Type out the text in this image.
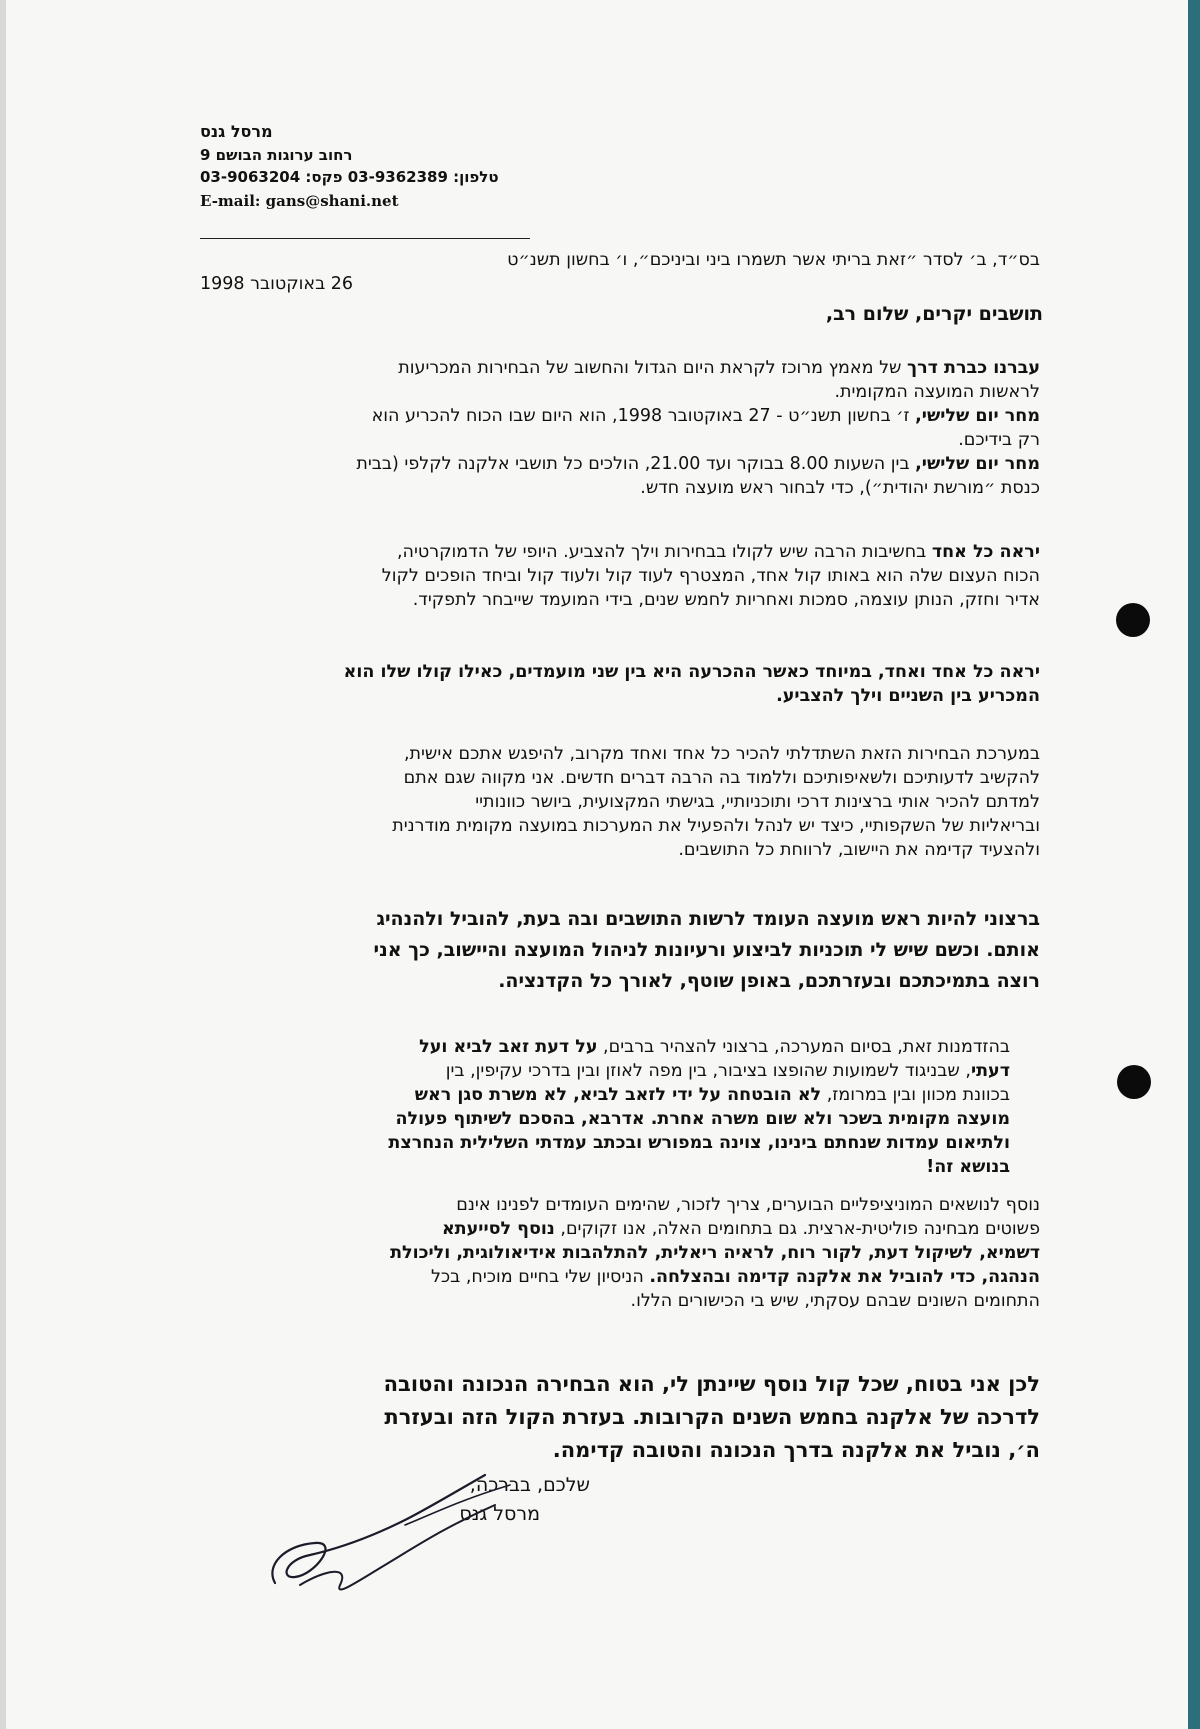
מרסל גנס
רחוב ערוגות הבושם 9
טלפון: 03-9362389 פקס: 03-9063204
E-mail: gans@shani.net
בס״ד, ב׳ לסדר ״זאת בריתי אשר תשמרו ביני וביניכם״, ו׳ בחשון תשנ״ט
26 באוקטובר 1998
תושבים יקרים, שלום רב,
עברנו כברת דרך של מאמץ מרוכז לקראת היום הגדול והחשוב של הבחירות המכריעות
לראשות המועצה המקומית.
מחר יום שלישי, ז׳ בחשון תשנ״ט - 27 באוקטובר 1998, הוא היום שבו הכוח להכריע הוא
רק בידיכם.
מחר יום שלישי, בין השעות 8.00 בבוקר ועד 21.00, הולכים כל תושבי אלקנה לקלפי (בבית
כנסת ״מורשת יהודית״), כדי לבחור ראש מועצה חדש.
יראה כל אחד בחשיבות הרבה שיש לקולו בבחירות וילך להצביע. היופי של הדמוקרטיה,
הכוח העצום שלה הוא באותו קול אחד, המצטרף לעוד קול ולעוד קול וביחד הופכים לקול
אדיר וחזק, הנותן עוצמה, סמכות ואחריות לחמש שנים, בידי המועמד שייבחר לתפקיד.
יראה כל אחד ואחד, במיוחד כאשר ההכרעה היא בין שני מועמדים, כאילו קולו שלו הוא
המכריע בין השניים וילך להצביע.
במערכת הבחירות הזאת השתדלתי להכיר כל אחד ואחד מקרוב, להיפגש אתכם אישית,
להקשיב לדעותיכם ולשאיפותיכם וללמוד בה הרבה דברים חדשים. אני מקווה שגם אתם
למדתם להכיר אותי ברצינות דרכי ותוכניותיי, בגישתי המקצועית, ביושר כוונותיי
ובריאליות של השקפותיי, כיצד יש לנהל ולהפעיל את המערכות במועצה מקומית מודרנית
ולהצעיד קדימה את היישוב, לרווחת כל התושבים.
ברצוני להיות ראש מועצה העומד לרשות התושבים ובה בעת, להוביל ולהנהיג
אותם. וכשם שיש לי תוכניות לביצוע ורעיונות לניהול המועצה והיישוב, כך אני
רוצה בתמיכתכם ובעזרתכם, באופן שוטף, לאורך כל הקדנציה.
בהזדמנות זאת, בסיום המערכה, ברצוני להצהיר ברבים, על דעת זאב לביא ועל
דעתי, שבניגוד לשמועות שהופצו בציבור, בין מפה לאוזן ובין בדרכי עקיפין, בין
בכוונת מכוון ובין במרומז, לא הובטחה על ידי לזאב לביא, לא משרת סגן ראש
מועצה מקומית בשכר ולא שום משרה אחרת. אדרבא, בהסכם לשיתוף פעולה
ולתיאום עמדות שנחתם בינינו, צוינה במפורש ובכתב עמדתי השלילית הנחרצת
בנושא זה!
נוסף לנושאים המוניציפליים הבוערים, צריך לזכור, שהימים העומדים לפנינו אינם
פשוטים מבחינה פוליטית-ארצית. גם בתחומים האלה, אנו זקוקים, נוסף לסייעתא
דשמיא, לשיקול דעת, לקור רוח, לראיה ריאלית, להתלהבות אידיאולוגית, וליכולת
הנהגה, כדי להוביל את אלקנה קדימה ובהצלחה. הניסיון שלי בחיים מוכיח, בכל
התחומים השונים שבהם עסקתי, שיש בי הכישורים הללו.
לכן אני בטוח, שכל קול נוסף שיינתן לי, הוא הבחירה הנכונה והטובה
לדרכה של אלקנה בחמש השנים הקרובות. בעזרת הקול הזה ובעזרת
ה׳, נוביל את אלקנה בדרך הנכונה והטובה קדימה.
שלכם, בברכה,
מרסל גנס
